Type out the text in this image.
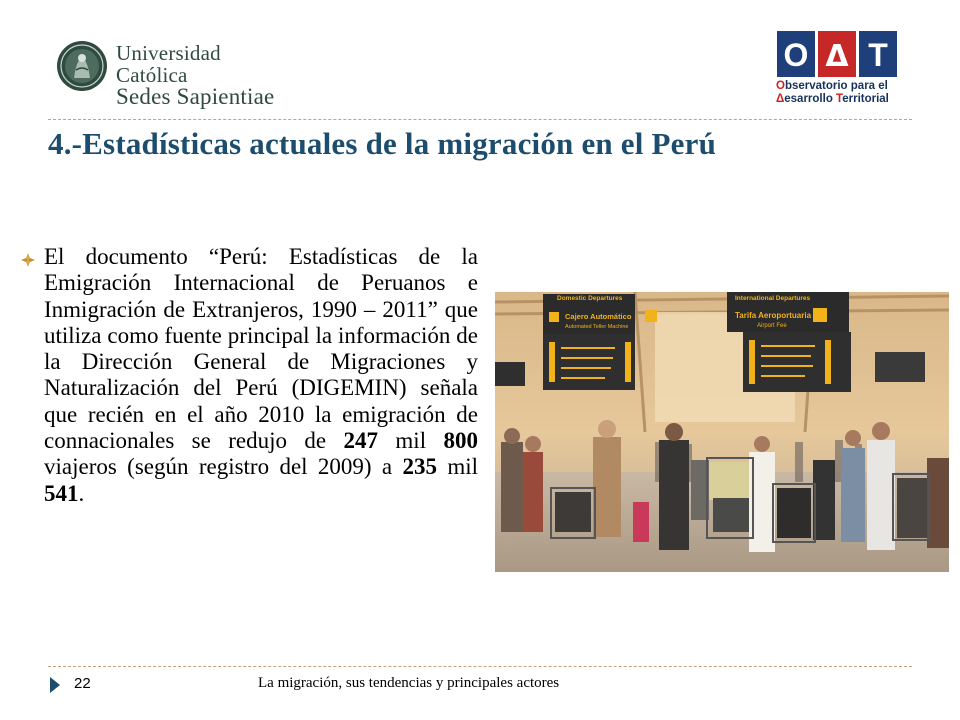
Universidad Católica
Sedes Sapientiae
O Δ T
Observatorio para el
Δesarrollo Territorial
4.-Estadísticas actuales de la migración en el Perú

El documento “Perú: Estadísticas de la Emigración Internacional de Peruanos e Inmigración de Extranjeros, 1990 – 2011” que utiliza como fuente principal la información de la Dirección General de Migraciones y Naturalización del Perú (DIGEMIN) señala que recién en el año 2010 la emigración de connacionales se redujo de 247 mil 800 viajeros (según registro del 2009) a 235 mil 541.

Domestic Departures
Cajero Automático
Automated Teller Machine
International Departures
Tarifa Aeroportuaria
Airport Fee
22	La migración, sus tendencias y principales actores
